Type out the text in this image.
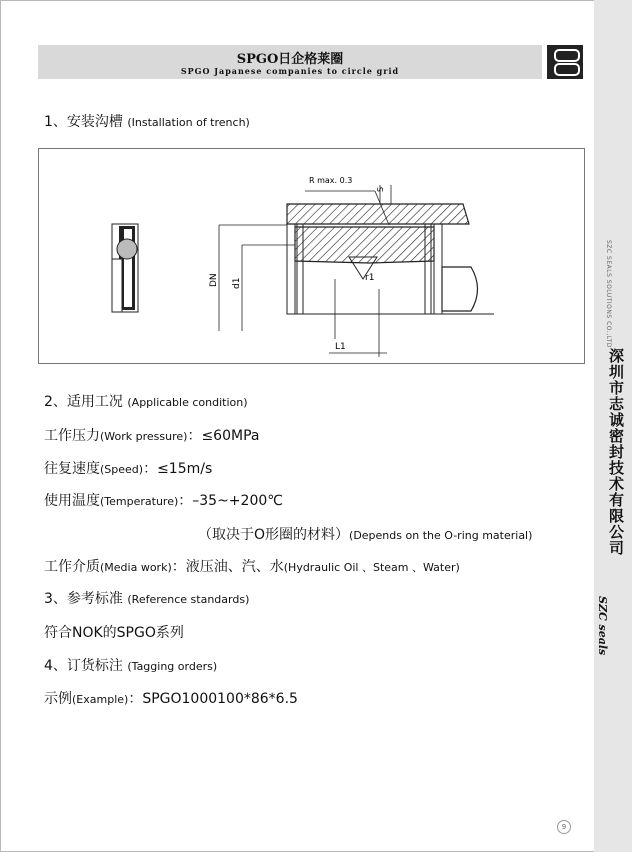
SZC SEALS SOLUTIONS CO.,LTD
深圳市志诚密封技术有限公司
SZC seals
SPGO日企格莱圈
SPGO Japanese companies to circle grid
1、安装沟槽 (Installation of trench)
R max. 0.3
S
DN d1	r1
L1
2、适用工况 (Applicable condition)
工作压力(Work pressure)：≤60MPa
往复速度(Speed)：≤15m/s
使用温度(Temperature)：–35~+200℃
（取决于O形圈的材料）(Depends on the O-ring material)
工作介质(Media work)：液压油、汽、水(Hydraulic Oil 、Steam 、Water)
3、参考标准 (Reference standards)
符合NOK的SPGO系列
4、订货标注 (Tagging orders)
示例(Example)：SPGO1000100*86*6.5
9
